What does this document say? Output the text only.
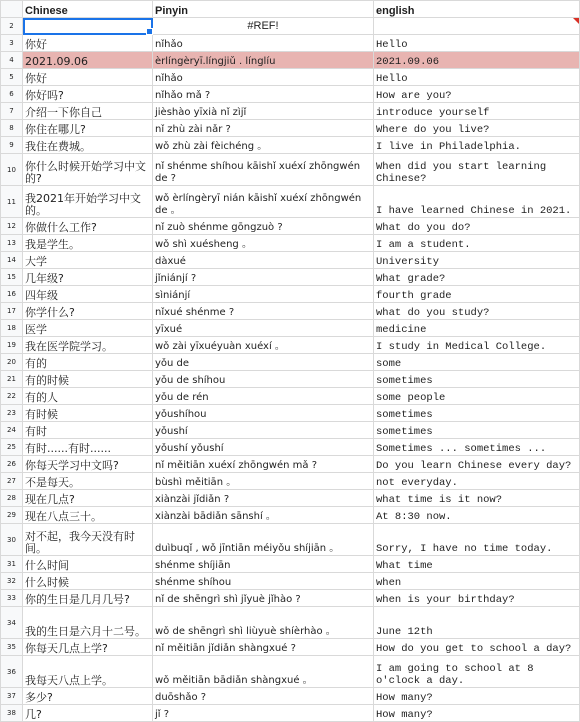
	Chinese	Pinyin	english
2		#REF!	

3	你好	nǐhǎo	Hello
4	2021.09.06	èrlíngèryī.língjiǔ . línglíu	2021.09.06
5	你好	nǐhǎo	Hello
6	你好吗?	nǐhǎo mǎ ?	How are you?
7	介绍一下你自己	jièshào yīxià nǐ zìjǐ	introduce yourself
8	你住在哪儿?	nǐ zhù zài nǎr ?	Where do you live?
9	我住在费城。	wǒ zhù zài fèichéng 。	I live in Philadelphia.
10	你什么时候开始学习中文的?	nǐ shénme shíhou kāishǐ xuéxí zhōngwén de ?	When did you start learning Chinese?
11	我2021年开始学习中文的。	wǒ èrlíngèryī nián kāishǐ xuéxí zhōngwén de 。	I have learned Chinese in 2021.
12	你做什么工作?	nǐ zuò shénme gōngzuò ?	What do you do?
13	我是学生。	wǒ shì xuésheng 。	I am a student.
14	大学	dàxué	University
15	几年级?	jǐniánjí ?	What grade?
16	四年级	sìniánjí	fourth grade
17	你学什么?	nǐxué shénme ?	what do you study?
18	医学	yīxué	medicine
19	我在医学院学习。	wǒ zài yīxuéyuàn xuéxí 。	I study in Medical College.
20	有的	yǒu de	some
21	有的时候	yǒu de shíhou	sometimes
22	有的人	yǒu de rén	some people
23	有时候	yǒushíhou	sometimes
24	有时	yǒushí	sometimes
25	有时......有时......	yǒushí yǒushí	Sometimes ... sometimes ...
26	你每天学习中文吗?	nǐ měitiān xuéxí zhōngwén mǎ ?	Do you learn Chinese every day?
27	不是每天。	bùshì měitiān 。	not everyday.
28	现在几点?	xiànzài jǐdiǎn ?	what time is it now?
29	现在八点三十。	xiànzài bādiǎn sānshí 。	At 8:30 now.
30	对不起，我今天没有时间。	duìbuqǐ , wǒ jīntiān méiyǒu shíjiān 。	Sorry, I have no time today.
31	什么时间	shénme shíjiān	What time
32	什么时候	shénme shíhou	when
33	你的生日是几月几号?	nǐ de shēngrì shì jǐyuè jǐhào ?	when is your birthday?
34	我的生日是六月十二号。	wǒ de shēngrì shì liùyuè shíèrhào 。	June 12th
35	你每天几点上学?	nǐ měitiān jǐdiǎn shàngxué ?	How do you get to school a day?
36	我每天八点上学。	wǒ měitiān bādiǎn shàngxué 。	I am going to school at 8 o'clock a day.
37	多少?	duōshǎo ?	How many?
38	几?	jǐ ?	How many?
